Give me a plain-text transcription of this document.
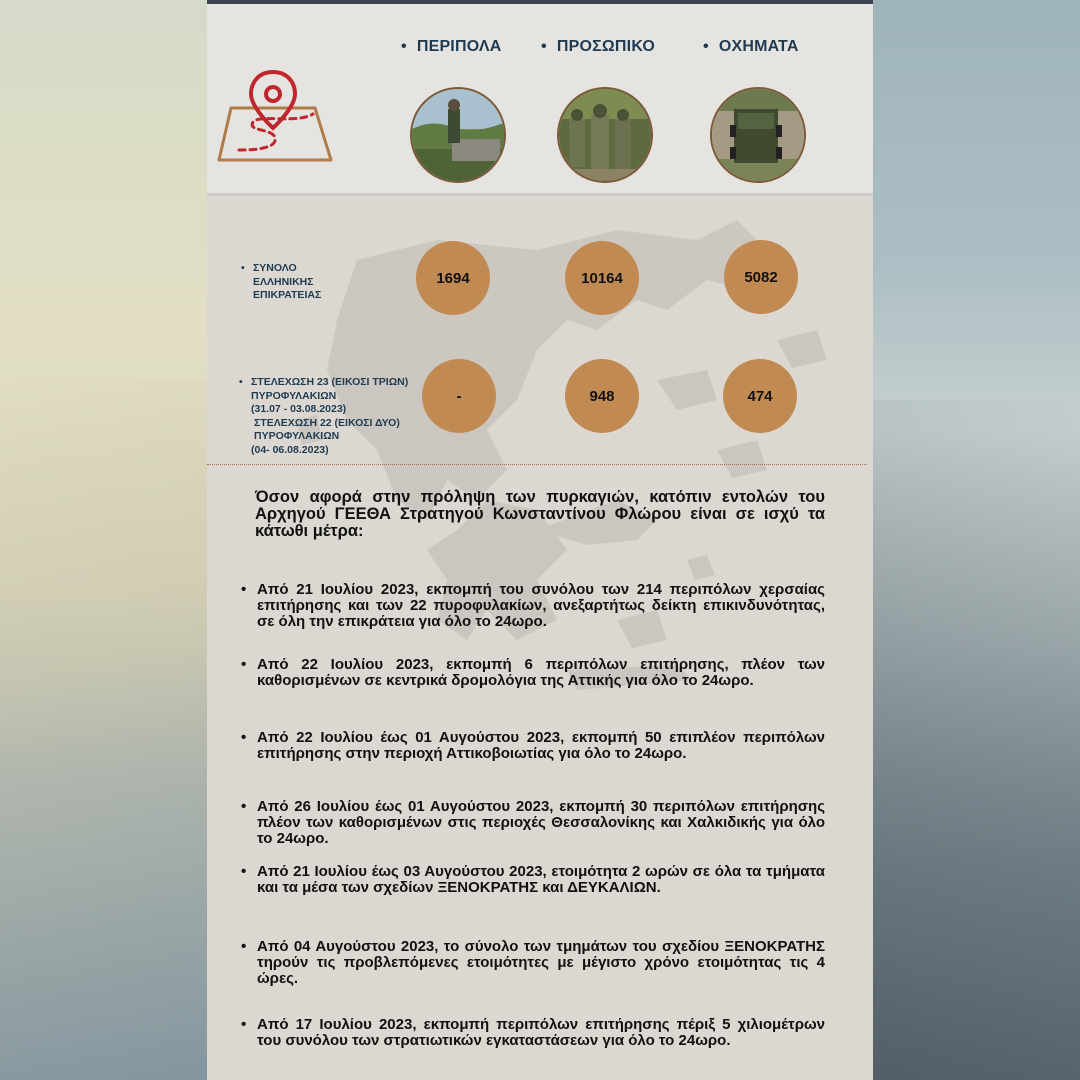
• ΠΕΡΙΠΟΛΑ • ΠΡΟΣΩΠΙΚΟ	• ΟΧΗΜΑΤΑ
• ΣΥΝΟΛΟ
ΕΛΛΗΝΙΚΗΣ
ΕΠΙΚΡΑΤΕΙΑΣ
1694	10164	5082
• ΣΤΕΛΕΧΩΣΗ 23 (ΕΙΚΟΣΙ ΤΡΙΩΝ)
ΠΥΡΟΦΥΛΑΚΙΩΝ
(31.07 - 03.08.2023)
ΣΤΕΛΕΧΩΣΗ 22 (ΕΙΚΟΣΙ ΔΥΟ)
ΠΥΡΟΦΥΛΑΚΙΩΝ
(04- 06.08.2023)
-	948	474
Όσον αφορά στην πρόληψη των πυρκαγιών, κατόπιν εντολών του Αρχηγού ΓΕΕΘΑ Στρατηγού Κωνσταντίνου Φλώρου είναι σε ισχύ τα κάτωθι μέτρα:
• Από 21 Ιουλίου 2023, εκπομπή του συνόλου των 214 περιπόλων χερσαίας επιτήρησης και των 22 πυροφυλακίων, ανεξαρτήτως δείκτη επικινδυνότητας, σε όλη την επικράτεια για όλο το 24ωρο.
• Από 22 Ιουλίου 2023, εκπομπή 6 περιπόλων επιτήρησης, πλέον των καθορισμένων σε κεντρικά δρομολόγια της Αττικής για όλο το 24ωρο.
• Από 22 Ιουλίου έως 01 Αυγούστου 2023, εκπομπή 50 επιπλέον περιπόλων επιτήρησης στην περιοχή Αττικοβοιωτίας για όλο το 24ωρο.
• Από 26 Ιουλίου έως 01 Αυγούστου 2023, εκπομπή 30 περιπόλων επιτήρησης πλέον των καθορισμένων στις περιοχές Θεσσαλονίκης και Χαλκιδικής για όλο το 24ωρο.
• Από 21 Ιουλίου έως 03 Αυγούστου 2023, ετοιμότητα 2 ωρών σε όλα τα τμήματα και τα μέσα των σχεδίων ΞΕΝΟΚΡΑΤΗΣ και ΔΕΥΚΑΛΙΩΝ.
• Από 04 Αυγούστου 2023, το σύνολο των τμημάτων του σχεδίου ΞΕΝΟΚΡΑΤΗΣ τηρούν τις προβλεπόμενες ετοιμότητες με μέγιστο χρόνο ετοιμότητας τις 4 ώρες.
• Από 17 Ιουλίου 2023, εκπομπή περιπόλων επιτήρησης πέριξ 5 χιλιομέτρων του συνόλου των στρατιωτικών εγκαταστάσεων για όλο το 24ωρο.
